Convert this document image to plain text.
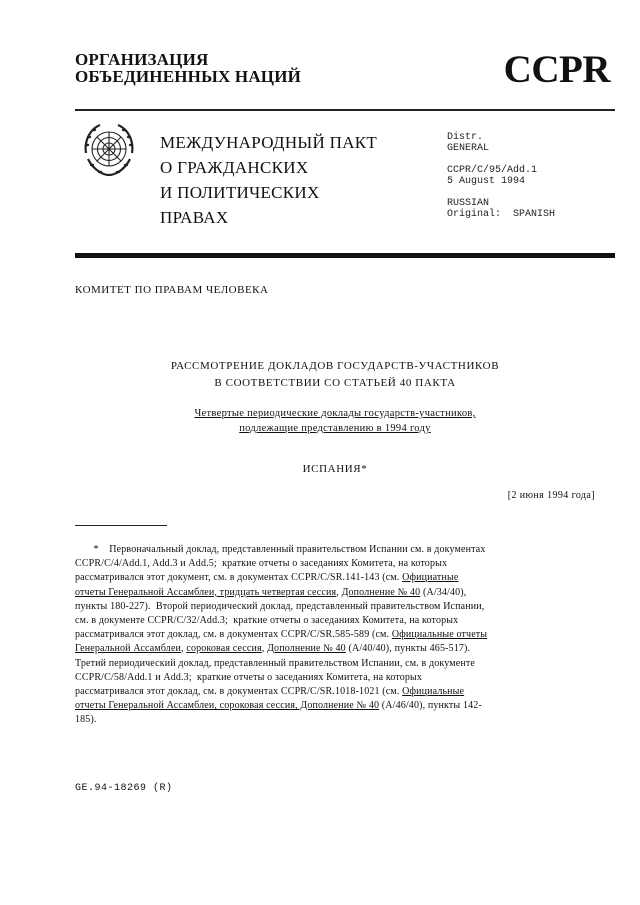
ОРГАНИЗАЦИЯ
ОБЪЕДИНЕННЫХ НАЦИЙ	CCPR
МЕЖДУНАРОДНЫЙ ПАКТ
О ГРАЖДАНСКИХ
И ПОЛИТИЧЕСКИХ
ПРАВАХ
Distr.
GENERAL
CCPR/C/95/Add.1
5 August 1994
RUSSIAN
Original:  SPANISH
КОМИТЕТ ПО ПРАВАМ ЧЕЛОВЕКА
РАССМОТРЕНИЕ ДОКЛАДОВ ГОСУДАРСТВ-УЧАСТНИКОВ
В СООТВЕТСТВИИ СО СТАТЬЕЙ 40 ПАКТА
Четвертые периодические доклады государств-участников,
подлежащие представлению в 1994 году
ИСПАНИЯ*
[2 июня 1994 года]
*    Первоначальный доклад, представленный правительством Испании см. в документах
CCPR/C/4/Add.1, Add.3 и Add.5;  краткие отчеты о заседаниях Комитета, на которых
рассматривался этот документ, см. в документах CCPR/C/SR.141-143 (см. Официатные
отчеты Генеральной Ассамблеи, тридцать четвертая сессия, Дополнение № 40 (A/34/40),
пункты 180-227).  Второй периодический доклад, представленный правительством Испании,
см. в документе CCPR/C/32/Add.3;  краткие отчеты о заседаниях Комитета, на которых
рассматривался этот доклад, см. в документах CCPR/C/SR.585-589 (см. Официальные отчеты
Генеральной Ассамблеи, сороковая сессия, Дополнение № 40 (A/40/40), пункты 465-517).
Третий периодический доклад, представленный правительством Испании, см. в документе
CCPR/C/58/Add.1 и Add.3;  краткие отчеты о заседаниях Комитета, на которых
рассматривался этот доклад, см. в документах CCPR/C/SR.1018-1021 (см. Официальные
отчеты Генеральной Ассамблеи, сороковая сессия, Дополнение № 40 (A/46/40), пункты 142-
185).
GE.94-18269 (R)
